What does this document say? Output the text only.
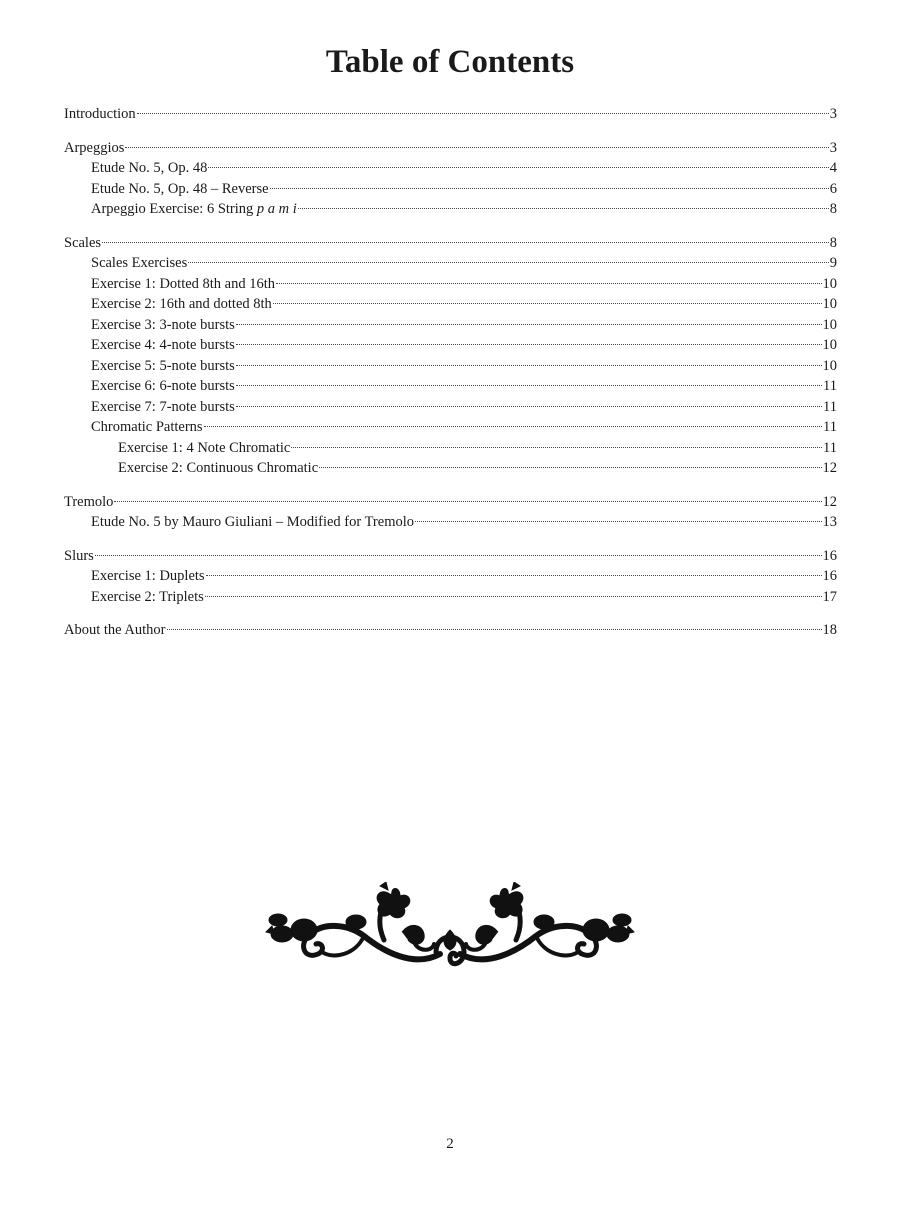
Table of Contents
Introduction	3
Arpeggios	3
Etude No. 5, Op. 48	4
Etude No. 5, Op. 48 – Reverse	6
Arpeggio Exercise: 6 String p a m i	8
Scales	8
Scales Exercises	9
Exercise 1: Dotted 8th and 16th	10
Exercise 2: 16th and dotted 8th	10
Exercise 3: 3-note bursts	10
Exercise 4: 4-note bursts	10
Exercise 5: 5-note bursts	10
Exercise 6: 6-note bursts	11
Exercise 7: 7-note bursts	11
Chromatic Patterns	11
Exercise 1: 4 Note Chromatic	11
Exercise 2: Continuous Chromatic	12
Tremolo	12
Etude No. 5 by Mauro Giuliani – Modified for Tremolo	13
Slurs	16
Exercise 1: Duplets	16
Exercise 2: Triplets	17
About the Author	18
2
